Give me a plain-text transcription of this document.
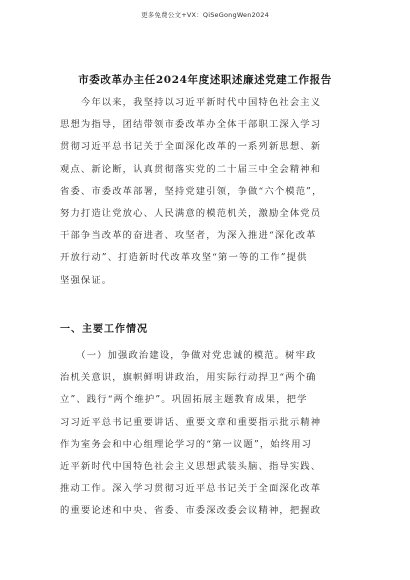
更多免费公文+VX：QiSeGongWen2024
市委改革办主任2024年度述职述廉述党建工作报告
　　今年以来，我坚持以习近平新时代中国特色社会主义
思想为指导，团结带领市委改革办全体干部职工深入学习
贯彻习近平总书记关于全面深化改革的一系列新思想、新
观点、新论断，认真贯彻落实党的二十届三中全会精神和
省委、市委改革部署，坚持党建引领，争做“六个模范”，
努力打造让党放心、人民满意的模范机关，激励全体党员
干部争当改革的奋进者、攻坚者，为深入推进“深化改革
开放行动”、打造新时代改革攻坚“第一等的工作”提供
坚强保证。
一、主要工作情况
　　（一）加强政治建设，争做对党忠诚的模范。树牢政
治机关意识，旗帜鲜明讲政治，用实际行动捍卫“两个确
立”、践行“两个维护”。巩固拓展主题教育成果，把学
习习近平总书记重要讲话、重要文章和重要指示批示精神
作为室务会和中心组理论学习的“第一议题”，始终用习
近平新时代中国特色社会主义思想武装头脑、指导实践、
推动工作。深入学习贯彻习近平总书记关于全面深化改革
的重要论述和中央、省委、市委深改委会议精神，把握政
